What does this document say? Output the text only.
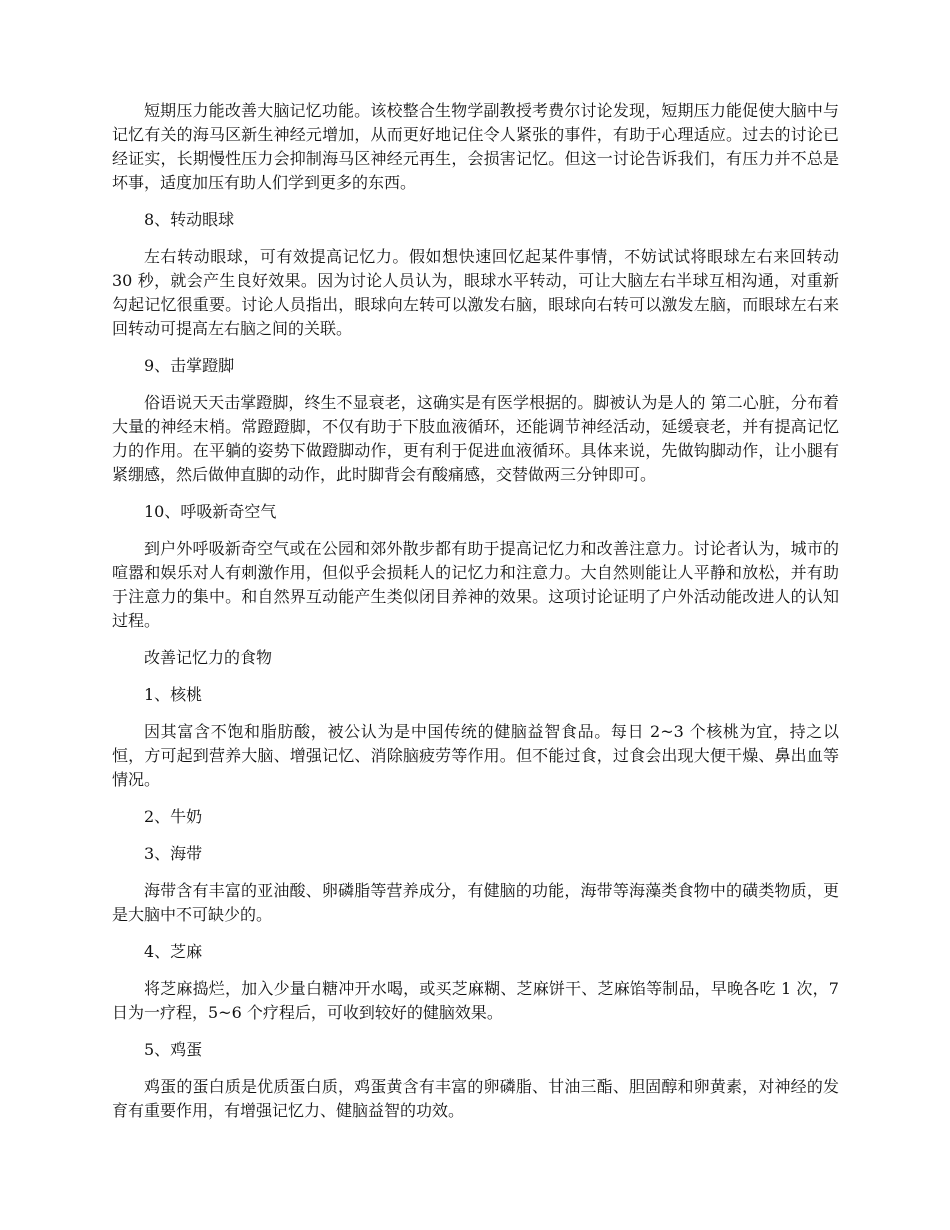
短期压力能改善大脑记忆功能。该校整合生物学副教授考费尔讨论发现，短期压力能促使大脑中与记忆有关的海马区新生神经元增加，从而更好地记住令人紧张的事件，有助于心理适应。过去的讨论已经证实，长期慢性压力会抑制海马区神经元再生，会损害记忆。但这一讨论告诉我们，有压力并不总是坏事，适度加压有助人们学到更多的东西。

8、转动眼球

左右转动眼球，可有效提高记忆力。假如想快速回忆起某件事情，不妨试试将眼球左右来回转动 30 秒，就会产生良好效果。因为讨论人员认为，眼球水平转动，可让大脑左右半球互相沟通，对重新勾起记忆很重要。讨论人员指出，眼球向左转可以激发右脑，眼球向右转可以激发左脑，而眼球左右来回转动可提高左右脑之间的关联。

9、击掌蹬脚

俗语说天天击掌蹬脚，终生不显衰老，这确实是有医学根据的。脚被认为是人的 第二心脏，分布着大量的神经末梢。常蹬蹬脚，不仅有助于下肢血液循环，还能调节神经活动，延缓衰老，并有提高记忆力的作用。在平躺的姿势下做蹬脚动作，更有利于促进血液循环。具体来说，先做钩脚动作，让小腿有紧绷感，然后做伸直脚的动作，此时脚背会有酸痛感，交替做两三分钟即可。

10、呼吸新奇空气

到户外呼吸新奇空气或在公园和郊外散步都有助于提高记忆力和改善注意力。讨论者认为，城市的喧嚣和娱乐对人有刺激作用，但似乎会损耗人的记忆力和注意力。大自然则能让人平静和放松，并有助于注意力的集中。和自然界互动能产生类似闭目养神的效果。这项讨论证明了户外活动能改进人的认知过程。

改善记忆力的食物

1、核桃

因其富含不饱和脂肪酸，被公认为是中国传统的健脑益智食品。每日 2~3 个核桃为宜，持之以恒，方可起到营养大脑、增强记忆、消除脑疲劳等作用。但不能过食，过食会出现大便干燥、鼻出血等情况。

2、牛奶

3、海带

海带含有丰富的亚油酸、卵磷脂等营养成分，有健脑的功能，海带等海藻类食物中的磺类物质，更是大脑中不可缺少的。

4、芝麻

将芝麻捣烂，加入少量白糖冲开水喝，或买芝麻糊、芝麻饼干、芝麻馅等制品，早晚各吃 1 次，7 日为一疗程，5~6 个疗程后，可收到较好的健脑效果。

5、鸡蛋

鸡蛋的蛋白质是优质蛋白质，鸡蛋黄含有丰富的卵磷脂、甘油三酯、胆固醇和卵黄素，对神经的发育有重要作用，有增强记忆力、健脑益智的功效。
